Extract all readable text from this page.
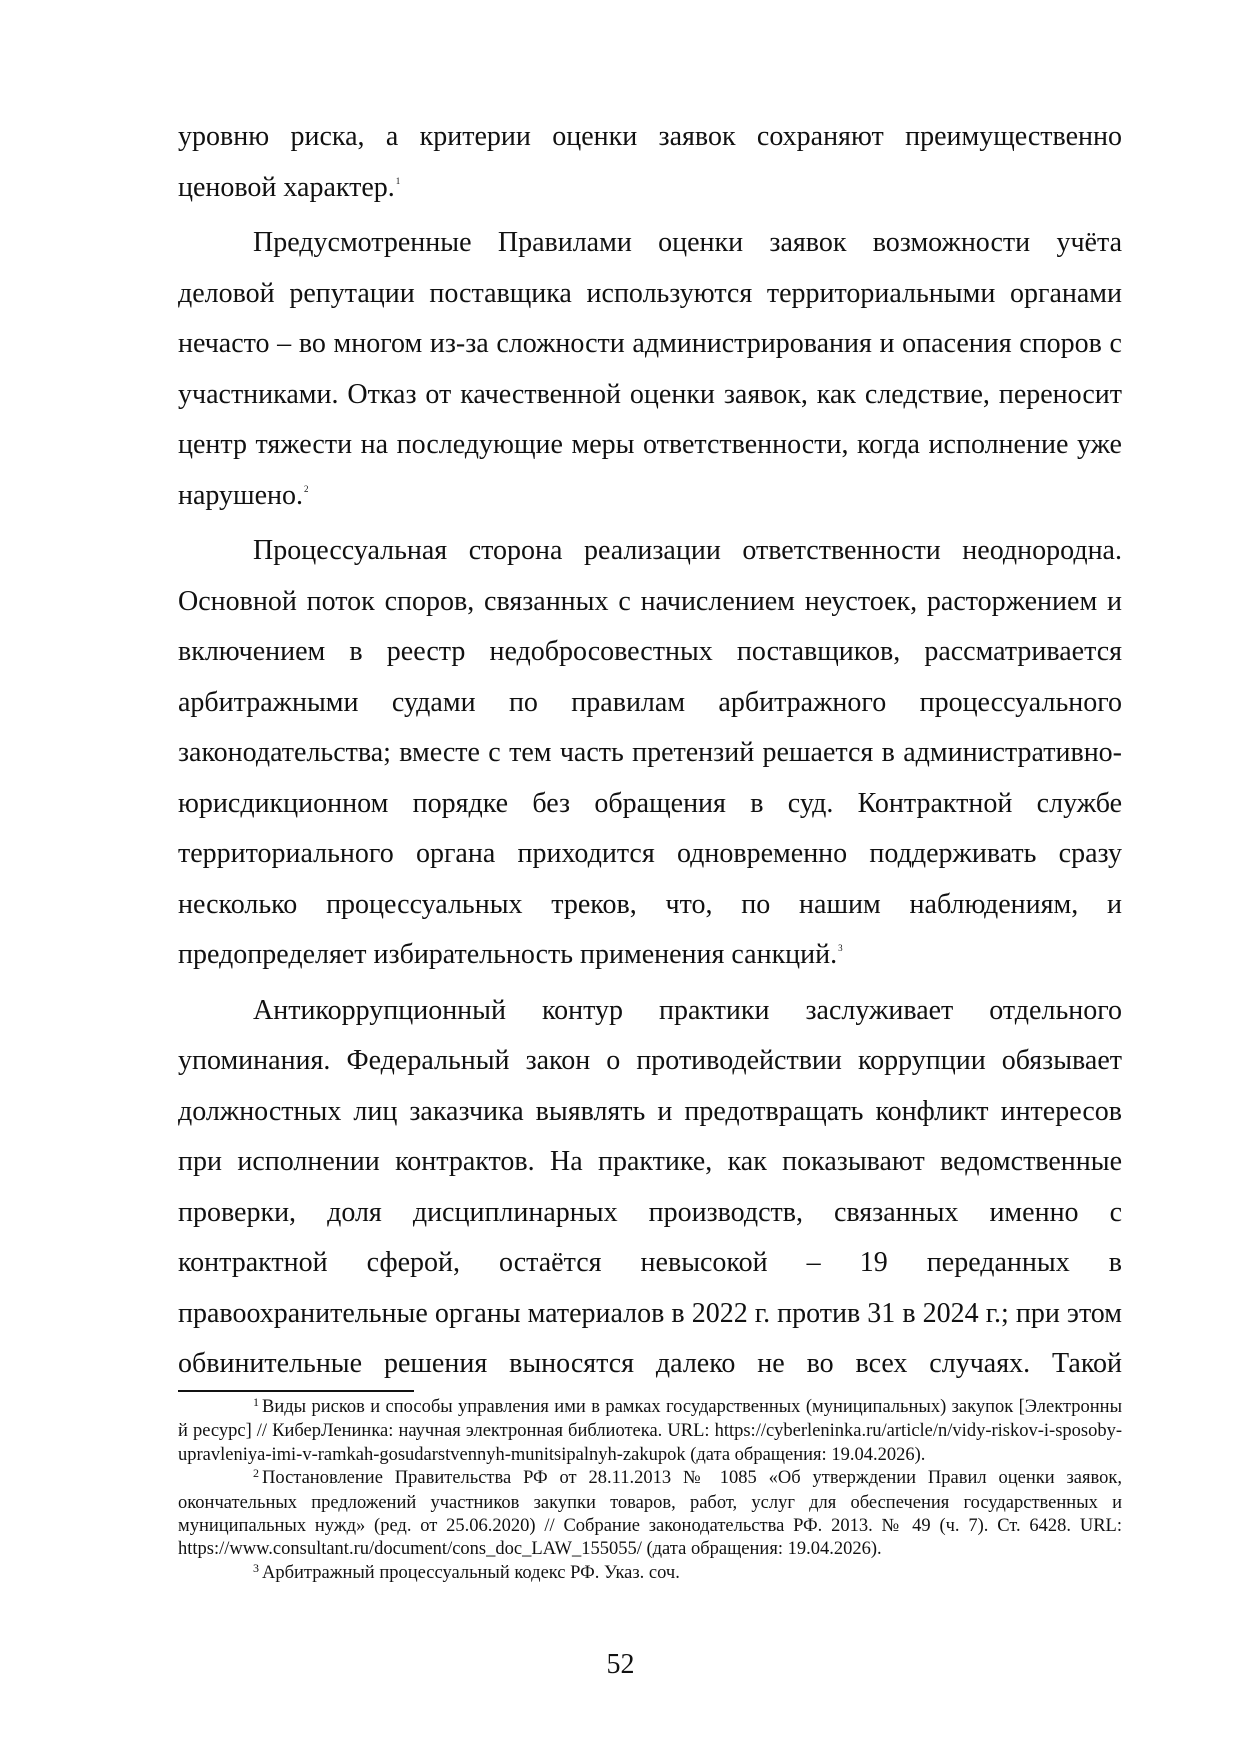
уровню риска, а критерии оценки заявок сохраняют преимущественно ценовой характер.$^1$

Предусмотренные Правилами оценки заявок возможности учёта деловой репутации поставщика используются территориальными органами нечасто – во многом из-за сложности администрирования и опасения споров с участниками. Отказ от качественной оценки заявок, как следствие, переносит центр тяжести на последующие меры ответственности, когда исполнение уже нарушено.$^2$

Процессуальная сторона реализации ответственности неоднородна. Основной поток споров, связанных с начислением неустоек, расторжением и включением в реестр недобросовестных поставщиков, рассматривается арбитражными судами по правилам арбитражного процессуального законодательства; вместе с тем часть претензий решается в административно-юрисдикционном порядке без обращения в суд. Контрактной службе территориального органа приходится одновременно поддерживать сразу несколько процессуальных треков, что, по нашим наблюдениям, и предопределяет избирательность применения санкций.$^3$

Антикоррупционный контур практики заслуживает отдельного упоминания. Федеральный закон о противодействии коррупции обязывает должностных лиц заказчика выявлять и предотвращать конфликт интересов при исполнении контрактов. На практике, как показывают ведомственные проверки, доля дисциплинарных производств, связанных именно с контрактной сферой, остаётся невысокой – 19 переданных в правоохранительные органы материалов в 2022 г. против 31 в 2024 г.; при этом обвинительные решения выносятся далеко не во всех случаях. Такой

$^1$ Виды рисков и способы управления ими в рамках государственных (муниципальных) закупок [Электронный ресурс] // КиберЛенинка: научная электронная библиотека. URL: https://cyberleninka.ru/article/n/vidy-riskov-i-sposoby-upravleniya-imi-v-ramkah-gosudarstvennyh-munitsipalnyh-zakupok (дата обращения: 19.04.2026).

$^2$ Постановление Правительства РФ от 28.11.2013 № 1085 «Об утверждении Правил оценки заявок, окончательных предложений участников закупки товаров, работ, услуг для обеспечения государственных и муниципальных нужд» (ред. от 25.06.2020) // Собрание законодательства РФ. 2013. № 49 (ч. 7). Ст. 6428. URL: https://www.consultant.ru/document/cons_doc_LAW_155055/ (дата обращения: 19.04.2026).

$^3$ Арбитражный процессуальный кодекс РФ. Указ. соч.

52
